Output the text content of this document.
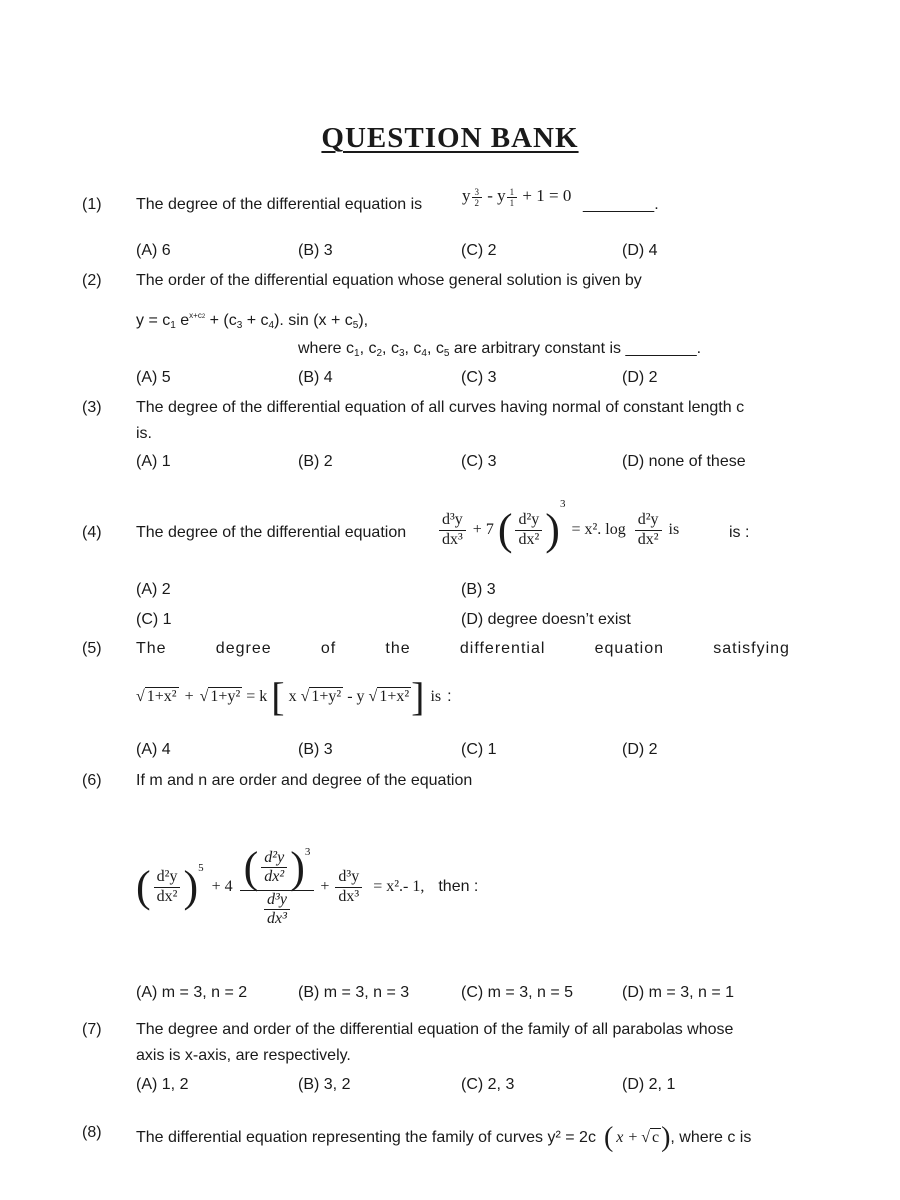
QUESTION BANK
(1) The degree of the differential equation is y $\frac{3}{2} - y \frac{1}{1} + 1 = 0$ ________.
(A) 6	(B) 3	(C) 2	(D) 4
(2) The order of the differential equation whose general solution is given by
$y = c_1$ $e^{x+c2} + (c_3 + c_4)$. $\sin (x + c_5)$,
where $c_1$, $c_2$, $c_3$, $c_4$, $c_5$ are arbitrary constant is ________.
(A) 5	(B) 4	(C) 3	(D) 2
(3) The degree of the differential equation of all curves having normal of constant length c
is.
(A) 1	(B) 2	(C) 3	(D) none of these
(4) The degree of the differential equation $\frac{\text{d³y}}{\text{dx³}} + 7$ ( $\frac{\text{d²y}}{\text{dx²}}$ )
3
= x². $\log \frac{\text{d²y}}{\text{dx²}}$ is	is :
(A) 2	(B) 3
(C) 1	(D) degree doesn’t exist
(5) The	degree	of	the	differential	equation	satisfying
√ 1+x² + √ 1+y² = k [ x √ 1+y² - y √ 1+x² ] is :
(A) 4	(B) 3	(C) 1	(D) 2
(6) If m and n are order and degree of the equation
( $\frac{\text{d²y}}{\text{dx²}}$ ) 5
+ $4 \frac{( \frac{\text{d²y}}{\text{dx²}} ) 3}{\frac{\text{d³y}}{\text{dx³}}} + \frac{\text{d³y}}{\text{dx³}} = x^2.-$ 1, then :
(A) m = 3, n = 2	(B) m = 3, n = 3	(C) m = 3, n = 5	(D) m = 3, n = 1
(7) The degree and order of the differential equation of the family of all parabolas whose
axis is x-axis, are respectively.
(A) 1, 2	(B) 3, 2	(C) 2, 3	(D) 2, 1
(8) The differential equation representing the family of curves y² = 2c ( x + √ c ) , where c is
